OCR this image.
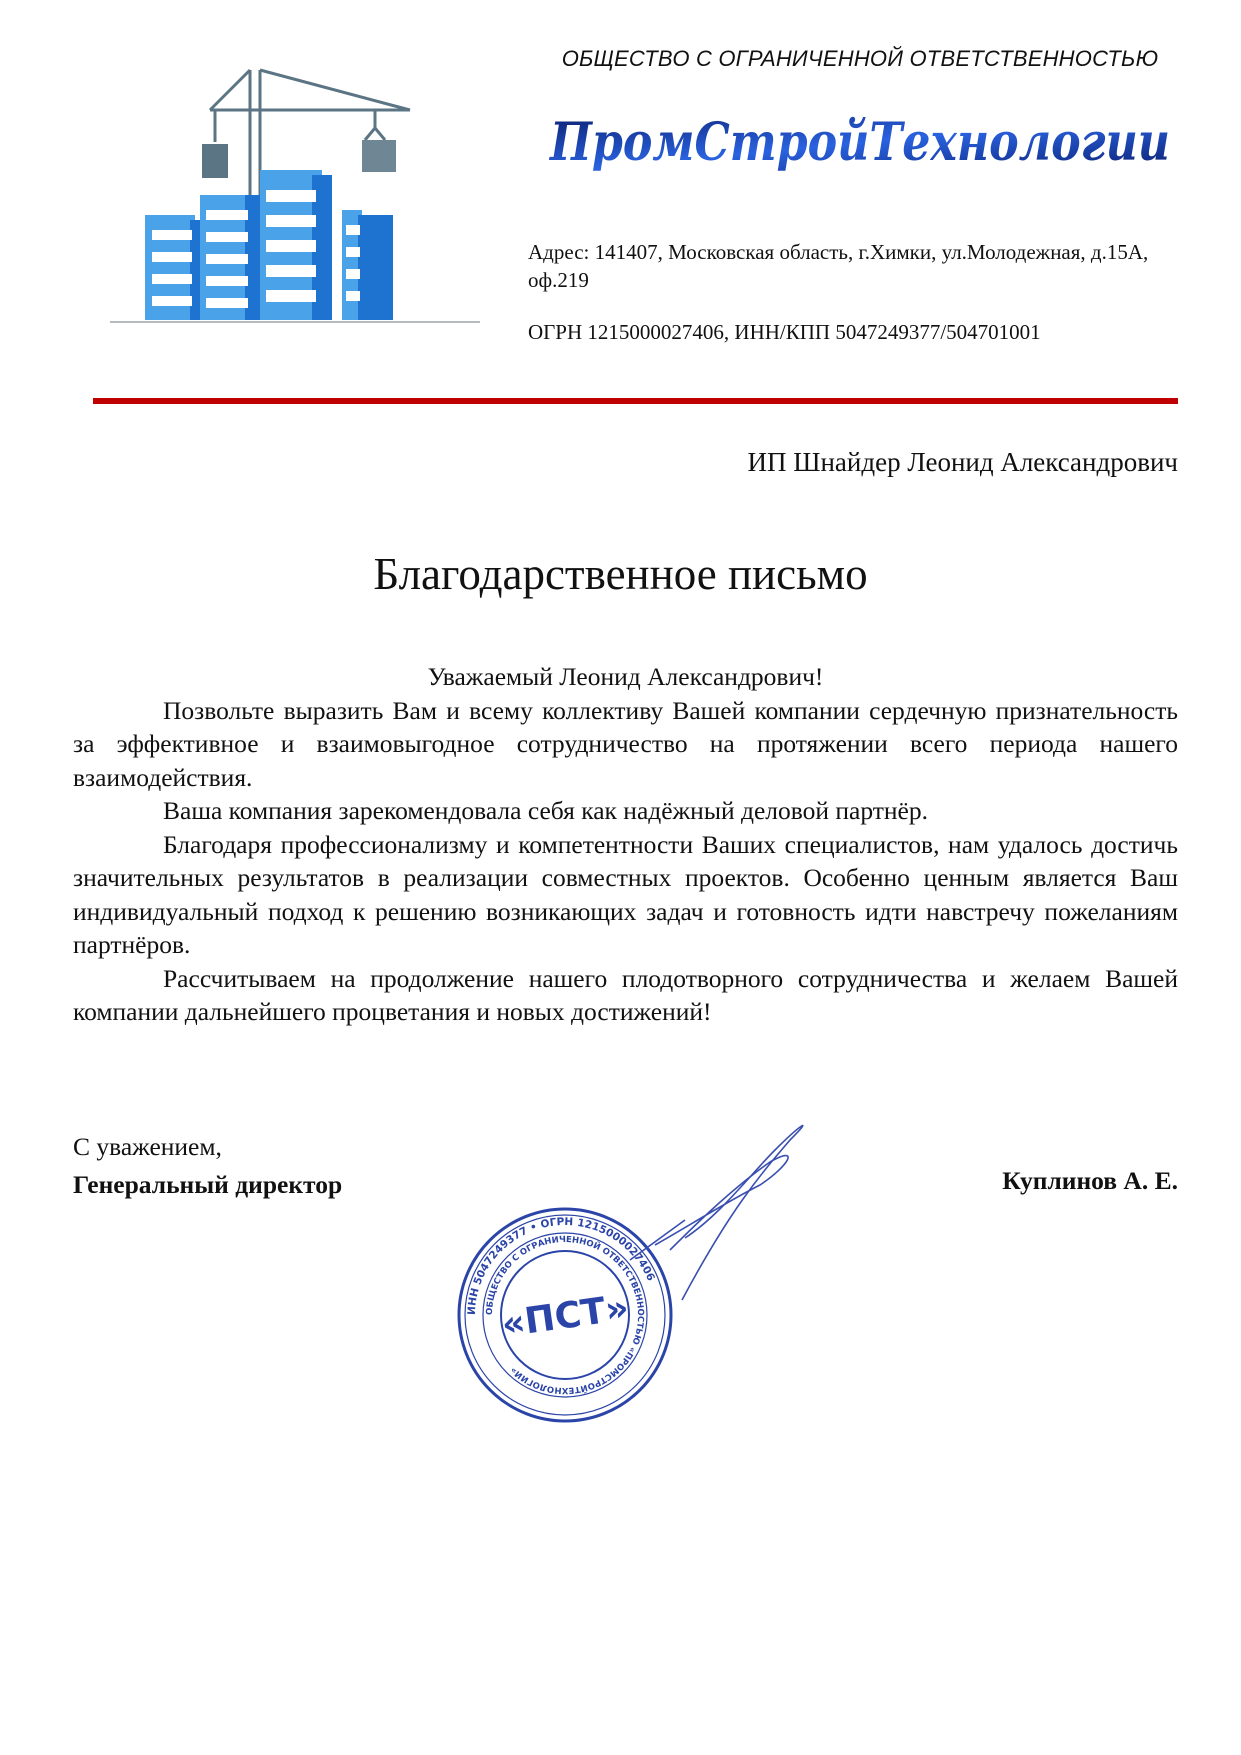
ОБЩЕСТВО С ОГРАНИЧЕННОЙ ОТВЕТСТВЕННОСТЬЮ
ПромСтройТехнологии
Адрес: 141407, Московская область, г.Химки, ул.Молодежная, д.15А, оф.219
ОГРН 1215000027406, ИНН/КПП 5047249377/504701001
ИП Шнайдер Леонид Александрович
Благодарственное письмо
Уважаемый Леонид Александрович!

Позвольте выразить Вам и всему коллективу Вашей компании сердечную признательность за эффективное и взаимовыгодное сотрудничество на протяжении всего периода нашего взаимодействия.

Ваша компания зарекомендовала себя как надёжный деловой партнёр.

Благодаря профессионализму и компетентности Ваших специалистов, нам удалось достичь значительных результатов в реализации совместных проектов. Особенно ценным является Ваш индивидуальный подход к решению возникающих задач и готовность идти навстречу пожеланиям партнёров.

Рассчитываем на продолжение нашего плодотворного сотрудничества и желаем Вашей компании дальнейшего процветания и новых достижений!

С уважением,
Генеральный директор	Куплинов А. Е.
ИНН 5047249377 • ОГРН 1215000027406
ОБЩЕСТВО С ОГРАНИЧЕННОЙ ОТВЕТСТВЕННОСТЬЮ «ПРОМСТРОЙТЕХНОЛОГИИ»
«ПСТ»
